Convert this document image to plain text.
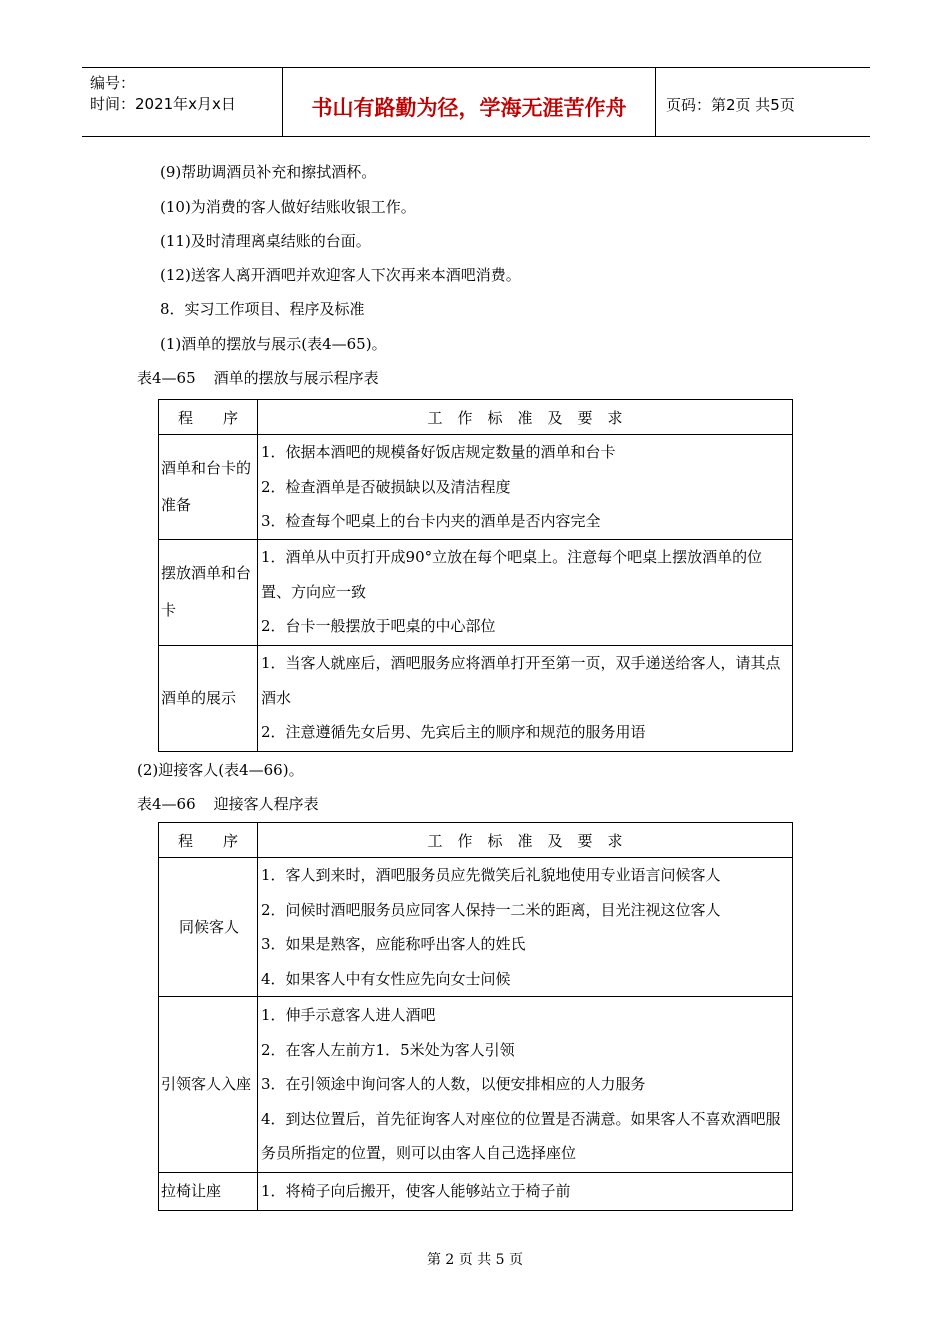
编号：
时间：2021年x月x日	书山有路勤为径，学海无涯苦作舟	页码：第2页 共5页
(9)帮助调酒员补充和擦拭酒杯。
(10)为消费的客人做好结账收银工作。
(11)及时清理离桌结账的台面。
(12)送客人离开酒吧并欢迎客人下次再来本酒吧消费。
8．实习工作项目、程序及标准
(1)酒单的摆放与展示(表4—65)。
表4—65 酒单的摆放与展示程序表
程　　序	工　作　标　准　及　要　求
酒单和台卡的准备	1．依据本酒吧的规模备好饭店规定数量的酒单和台卡
2．检查酒单是否破损缺以及清洁程度
3．检查每个吧桌上的台卡内夹的酒单是否内容完全

摆放酒单和台卡	1．酒单从中页打开成90°立放在每个吧桌上。注意每个吧桌上摆放酒单的位置、方向应一致
2．台卡一般摆放于吧桌的中心部位

酒单的展示	1．当客人就座后，酒吧服务应将酒单打开至第一页，双手递送给客人，请其点酒水
2．注意遵循先女后男、先宾后主的顺序和规范的服务用语
(2)迎接客人(表4—66)。
表4—66 迎接客人程序表
程　　序	工　作　标　准　及　要　求
同候客人	1．客人到来时，酒吧服务员应先微笑后礼貌地使用专业语言问候客人
2．问候时酒吧服务员应同客人保持一二米的距离，目光注视这位客人
3．如果是熟客，应能称呼出客人的姓氏
4．如果客人中有女性应先向女士问候

引领客人入座	1．伸手示意客人进人酒吧
2．在客人左前方1．5米处为客人引领
3．在引领途中询问客人的人数，以便安排相应的人力服务
4．到达位置后，首先征询客人对座位的位置是否满意。如果客人不喜欢酒吧服务员所指定的位置，则可以由客人自己选择座位

拉椅让座	1．将椅子向后搬开，使客人能够站立于椅子前
第 2 页 共 5 页
